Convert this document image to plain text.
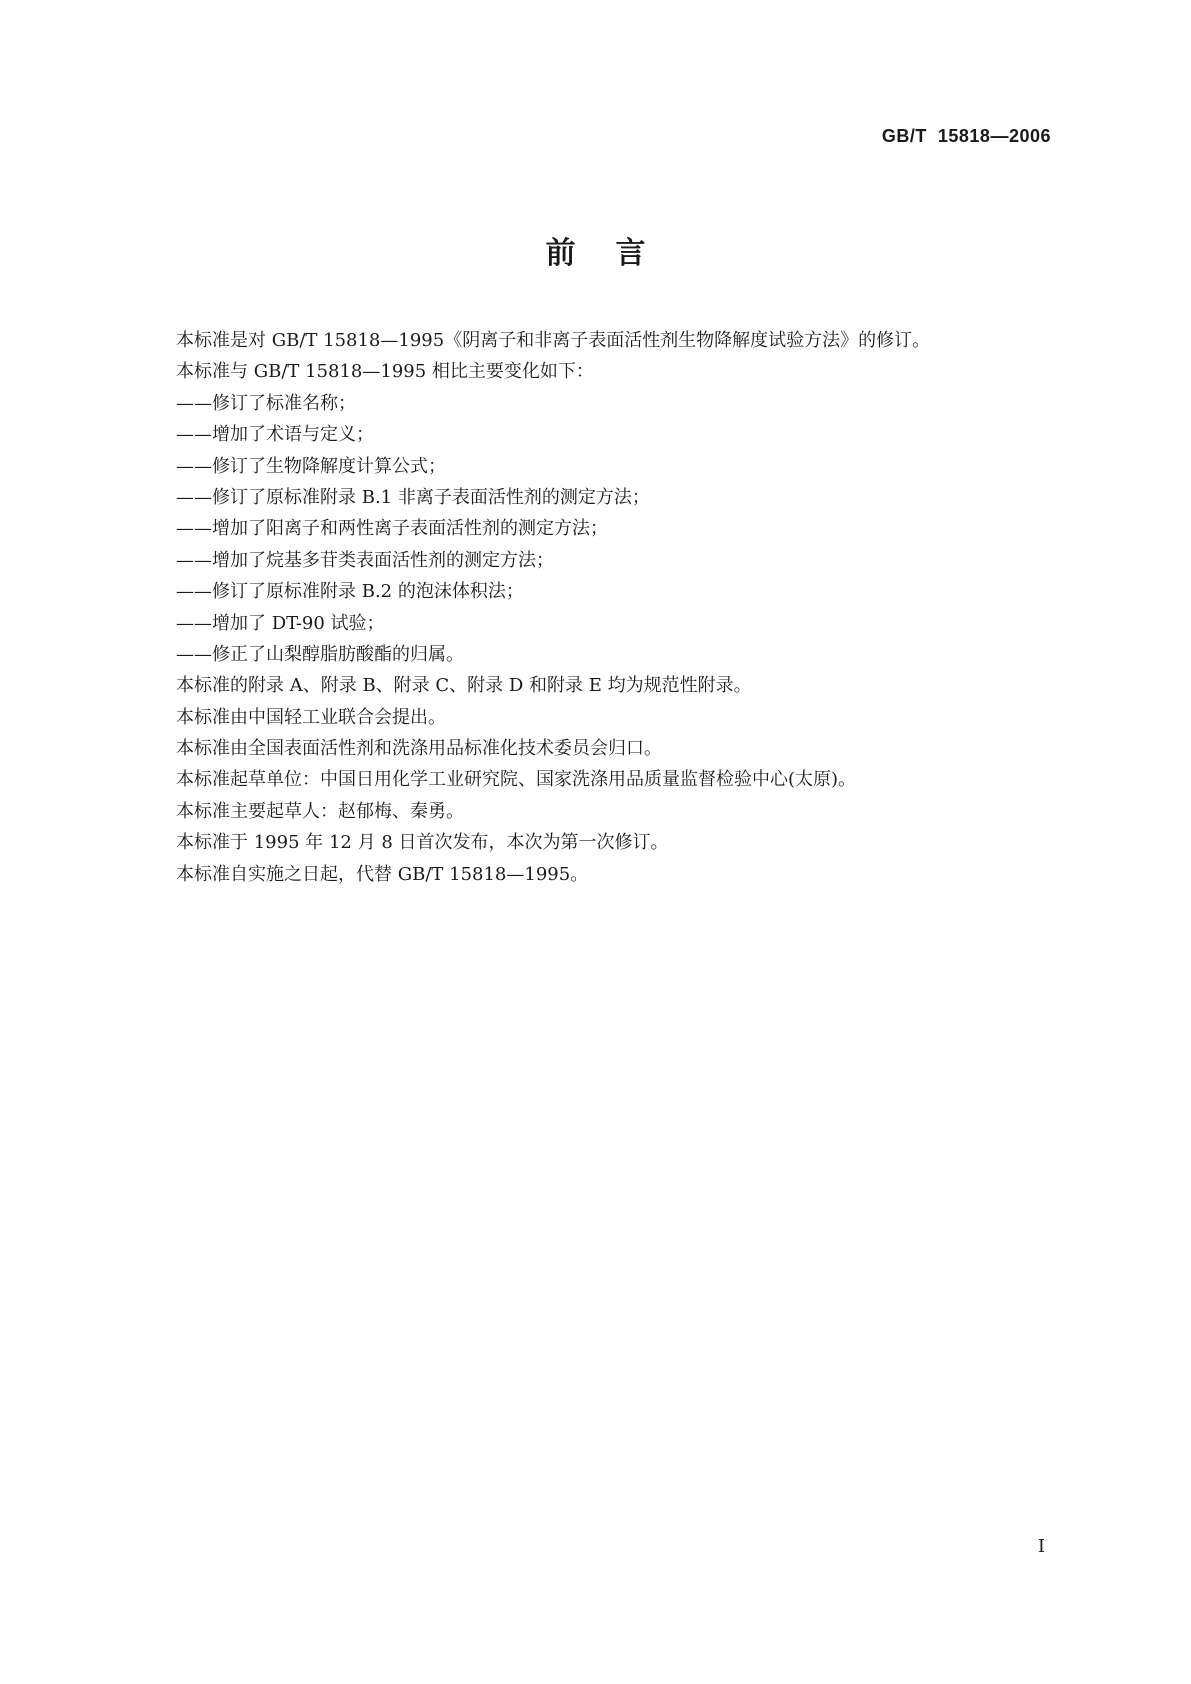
GB/T  15818—2006
前言
本标准是对 GB/T 15818—1995《阴离子和非离子表面活性剂生物降解度试验方法》的修订。
本标准与 GB/T 15818—1995 相比主要变化如下：
——修订了标准名称；
——增加了术语与定义；
——修订了生物降解度计算公式；
——修订了原标准附录 B.1 非离子表面活性剂的测定方法；
——增加了阳离子和两性离子表面活性剂的测定方法；
——增加了烷基多苷类表面活性剂的测定方法；
——修订了原标准附录 B.2 的泡沫体积法；
——增加了 DT-90 试验；
——修正了山梨醇脂肪酸酯的归属。
本标准的附录 A、附录 B、附录 C、附录 D 和附录 E 均为规范性附录。
本标准由中国轻工业联合会提出。
本标准由全国表面活性剂和洗涤用品标准化技术委员会归口。
本标准起草单位：中国日用化学工业研究院、国家洗涤用品质量监督检验中心(太原)。
本标准主要起草人：赵郁梅、秦勇。
本标准于 1995 年 12 月 8 日首次发布，本次为第一次修订。
本标准自实施之日起，代替 GB/T 15818—1995。
I
